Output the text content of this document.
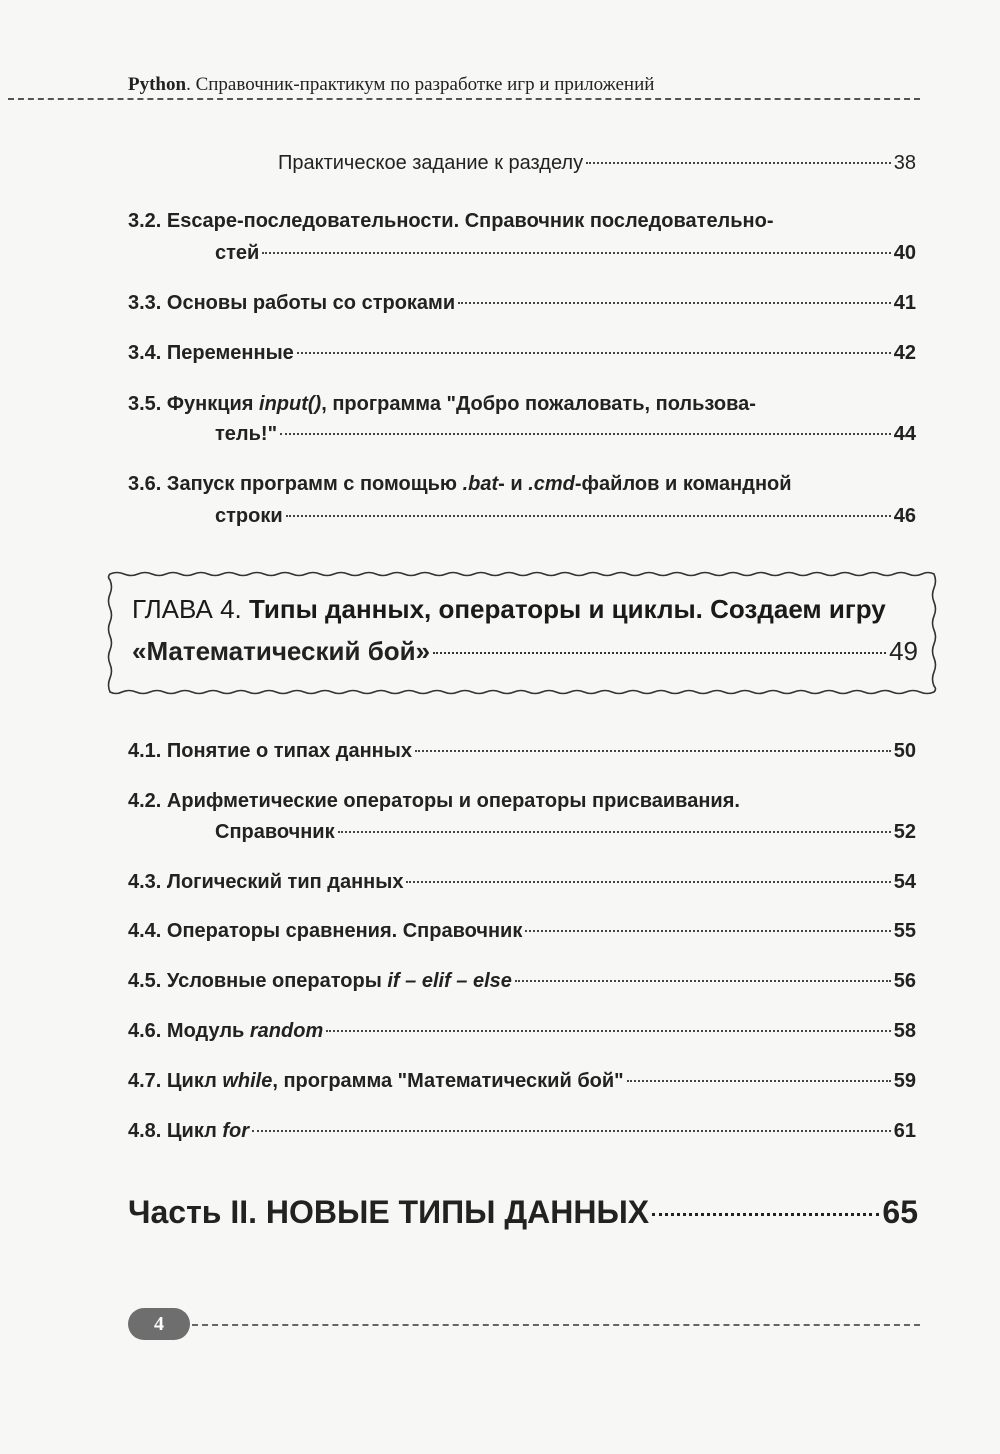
Python. Справочник-практикум по разработке игр и приложений
Практическое задание к разделу	38
3.2. Escape-последовательности. Справочник последовательно-
стей	40
3.3. Основы работы со строками	41
3.4. Переменные	42
3.5. Функция input(), программа "Добро пожаловать, пользова-
тель!"	44
3.6. Запуск программ с помощью .bat- и .cmd-файлов и командной
строки	46
ГЛАВА 4. Типы данных, операторы и циклы. Создаем игру
«Математический бой»	49
4.1. Понятие о типах данных	50
4.2. Арифметические операторы и операторы присваивания.
Справочник	52
4.3. Логический тип данных	54
4.4. Операторы сравнения. Справочник	55
4.5. Условные операторы if – elif – else	56
4.6. Модуль random	58
4.7. Цикл while, программа "Математический бой"	59
4.8. Цикл for	61
Часть II. НОВЫЕ ТИПЫ ДАННЫХ	65
4
